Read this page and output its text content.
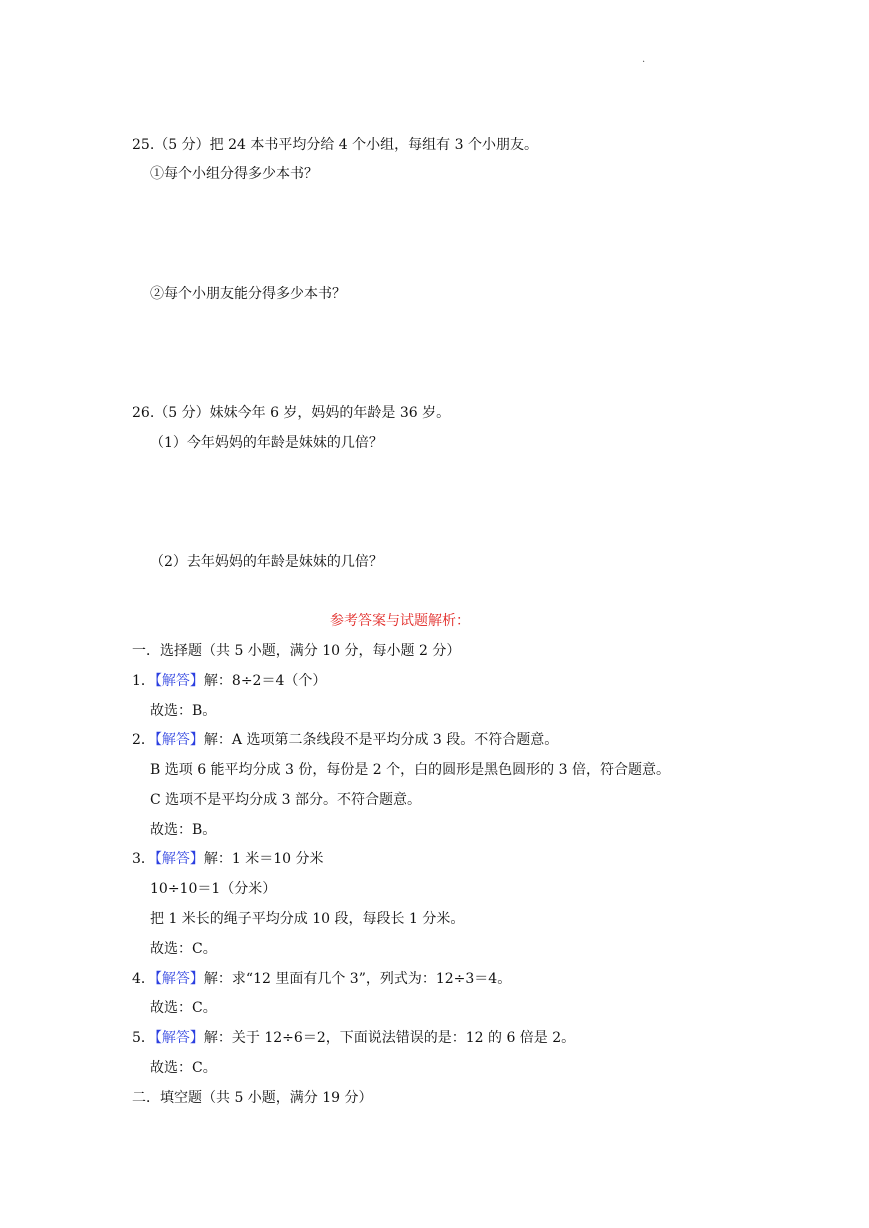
.
25.（5 分）把 24 本书平均分给 4 个小组，每组有 3 个小朋友。
①每个小组分得多少本书？
②每个小朋友能分得多少本书？
26.（5 分）妹妹今年 6 岁，妈妈的年龄是 36 岁。
（1）今年妈妈的年龄是妹妹的几倍？
（2）去年妈妈的年龄是妹妹的几倍？
参考答案与试题解析：
一．选择题（共 5 小题，满分 10 分，每小题 2 分）
1．【解答】解：8÷2＝4（个）
故选：B。
2．【解答】解：A 选项第二条线段不是平均分成 3 段。不符合题意。
B 选项 6 能平均分成 3 份，每份是 2 个，白的圆形是黑色圆形的 3 倍，符合题意。
C 选项不是平均分成 3 部分。不符合题意。
故选：B。
3．【解答】解：1 米＝10 分米
10÷10＝1（分米）
把 1 米长的绳子平均分成 10 段，每段长 1 分米。
故选：C。
4．【解答】解：求“12 里面有几个 3”，列式为：12÷3＝4。
故选：C。
5．【解答】解：关于 12÷6＝2，下面说法错误的是：12 的 6 倍是 2。
故选：C。
二．填空题（共 5 小题，满分 19 分）
